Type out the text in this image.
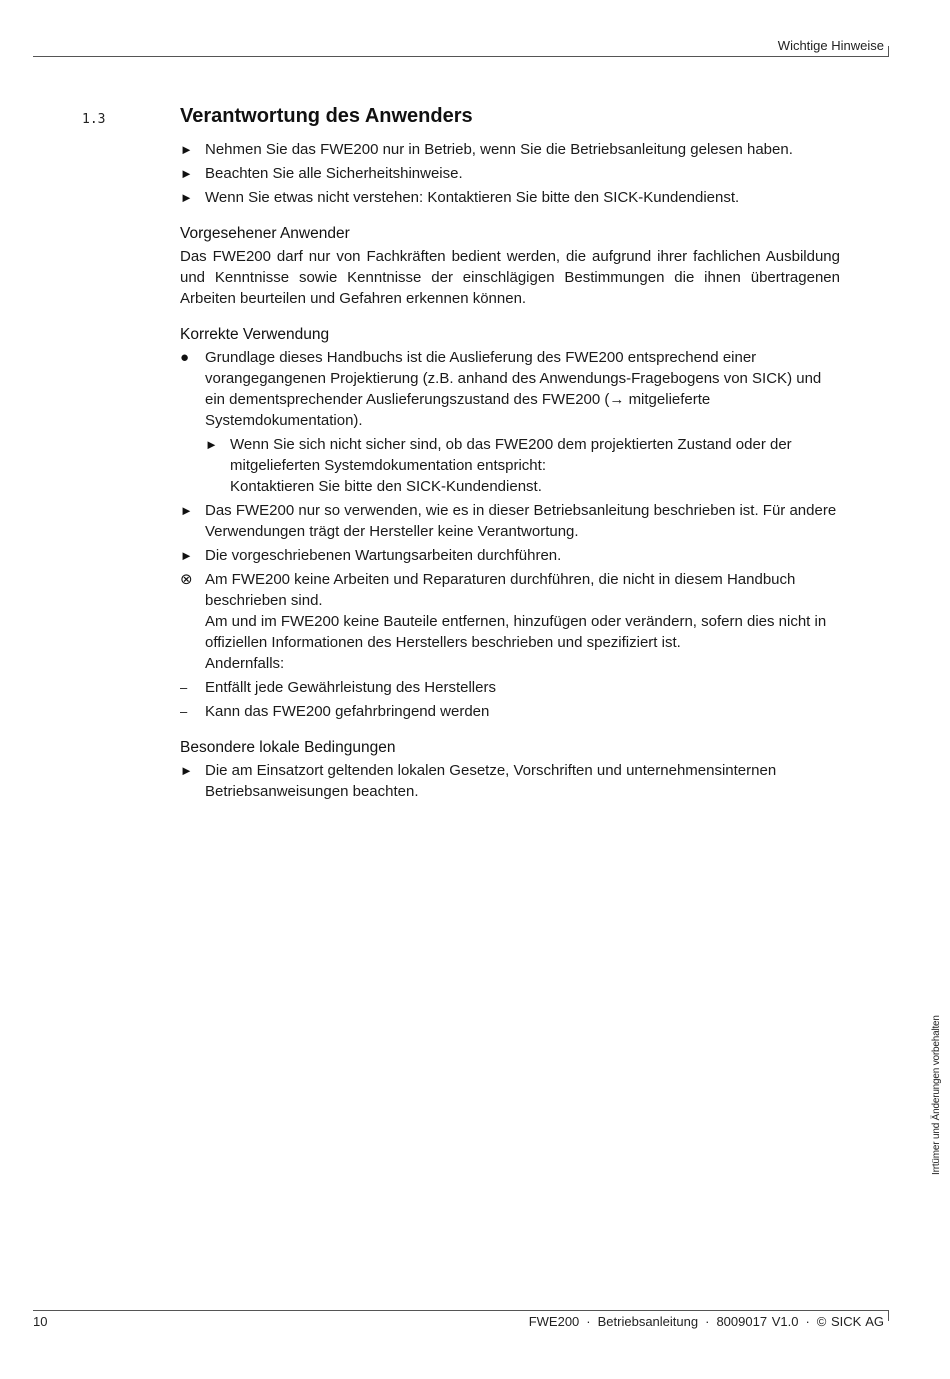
Wichtige Hinweise
1.3	Verantwortung des Anwenders
► Nehmen Sie das FWE200 nur in Betrieb, wenn Sie die Betriebsanleitung gelesen haben.
► Beachten Sie alle Sicherheitshinweise.
► Wenn Sie etwas nicht verstehen: Kontaktieren Sie bitte den SICK-Kundendienst.
Vorgesehener Anwender

Das FWE200 darf nur von Fachkräften bedient werden, die aufgrund ihrer fachlichen Ausbildung und Kenntnisse sowie Kenntnisse der einschlägigen Bestimmungen die ihnen übertragenen Arbeiten beurteilen und Gefahren erkennen können.

Korrekte Verwendung
●	Grundlage dieses Handbuchs ist die Auslieferung des FWE200 entsprechend einer vorangegangenen Projektierung (z.B. anhand des Anwendungs-Fragebogens von SICK) und ein dementsprechender Auslieferungszustand des FWE200 (→ mitgelieferte Systemdokumentation).
► Wenn Sie sich nicht sicher sind, ob das FWE200 dem projektierten Zustand oder der mitgelieferten Systemdokumentation entspricht:
Kontaktieren Sie bitte den SICK-Kundendienst.
► Das FWE200 nur so verwenden, wie es in dieser Betriebsanleitung beschrieben ist. Für andere Verwendungen trägt der Hersteller keine Verantwortung.
► Die vorgeschriebenen Wartungsarbeiten durchführen.
⊗ Am FWE200 keine Arbeiten und Reparaturen durchführen, die nicht in diesem Handbuch beschrieben sind.
Am und im FWE200 keine Bauteile entfernen, hinzufügen oder verändern, sofern dies nicht in offiziellen Informationen des Herstellers beschrieben und spezifiziert ist.
Andernfalls:
–	Entfällt jede Gewährleistung des Herstellers
–	Kann das FWE200 gefahrbringend werden
Besondere lokale Bedingungen
► Die am Einsatzort geltenden lokalen Gesetze, Vorschriften und unternehmensinternen Betriebsanweisungen beachten.
Irrtümer und Änderungen vorbehalten
10	FWE200 · Betriebsanleitung · 8009017 V1.0 · © SICK AG
